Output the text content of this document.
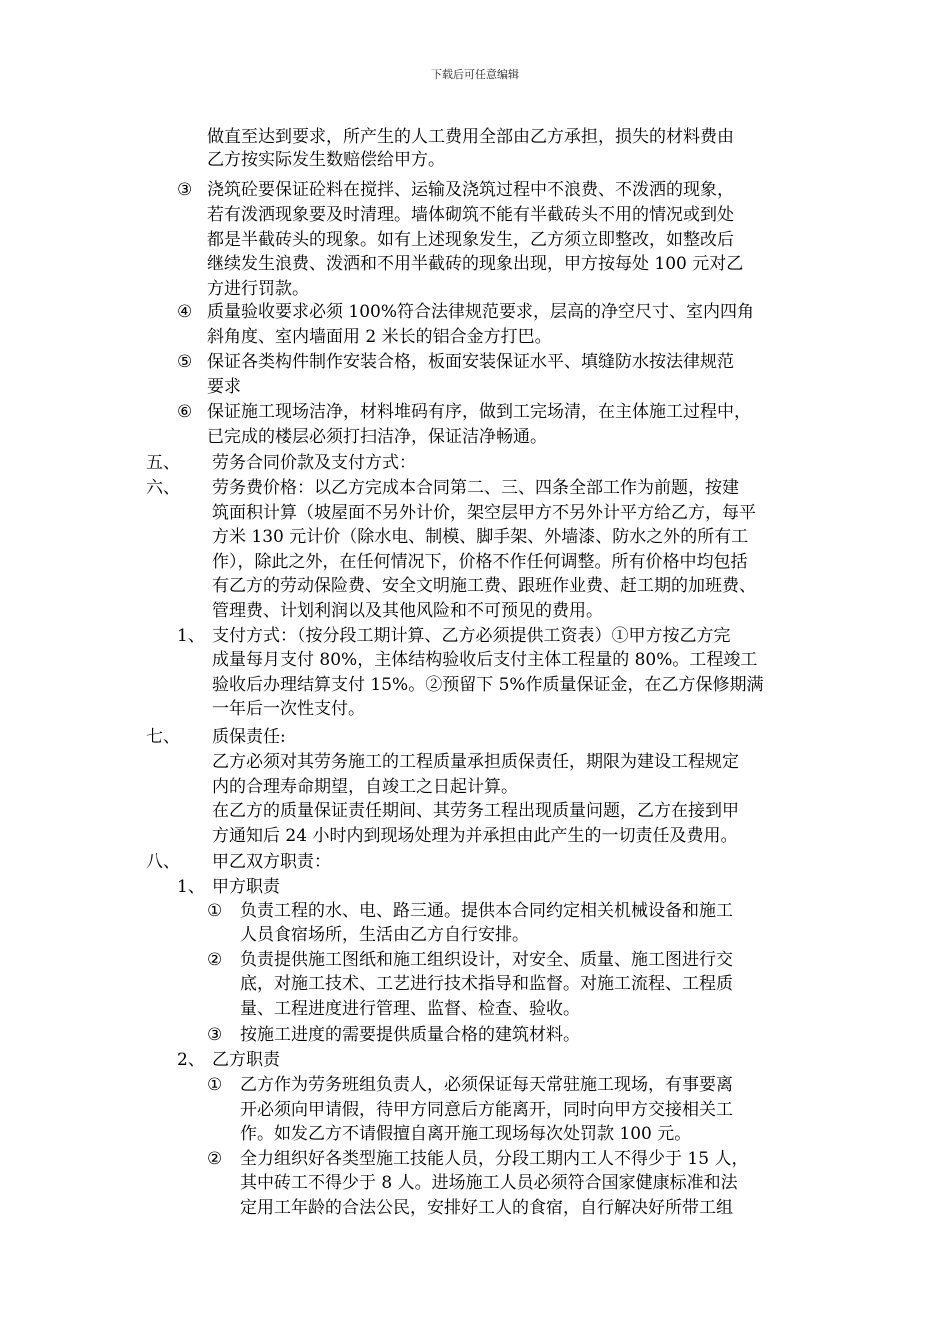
下载后可任意编辑
做直至达到要求，所产生的人工费用全部由乙方承担，损失的材料费由
乙方按实际发生数赔偿给甲方。
③ 浇筑砼要保证砼料在搅拌、运输及浇筑过程中不浪费、不泼洒的现象，
若有泼洒现象要及时清理。墙体砌筑不能有半截砖头不用的情况或到处
都是半截砖头的现象。如有上述现象发生，乙方须立即整改，如整改后
继续发生浪费、泼洒和不用半截砖的现象出现，甲方按每处 100 元对乙
方进行罚款。
④ 质量验收要求必须 100%符合法律规范要求，层高的净空尺寸、室内四角
斜角度、室内墙面用 2 米长的铝合金方打巴。
⑤ 保证各类构件制作安装合格，板面安装保证水平、填缝防水按法律规范
要求
⑥ 保证施工现场洁净，材料堆码有序，做到工完场清，在主体施工过程中，
已完成的楼层必须打扫洁净，保证洁净畅通。
五、 劳务合同价款及支付方式：
六、 劳务费价格：以乙方完成本合同第二、三、四条全部工作为前题，按建
筑面积计算（坡屋面不另外计价，架空层甲方不另外计平方给乙方，每平
方米 130 元计价（除水电、制模、脚手架、外墙漆、防水之外的所有工
作），除此之外，在任何情况下，价格不作任何调整。所有价格中均包括
有乙方的劳动保险费、安全文明施工费、跟班作业费、赶工期的加班费、
管理费、计划利润以及其他风险和不可预见的费用。
1、 支付方式：（按分段工期计算、乙方必须提供工资表）①甲方按乙方完
成量每月支付 80%，主体结构验收后支付主体工程量的 80%。工程竣工
验收后办理结算支付 15%。②预留下 5%作质量保证金，在乙方保修期满
一年后一次性支付。
七、 质保责任:
乙方必须对其劳务施工的工程质量承担质保责任，期限为建设工程规定
内的合理寿命期望，自竣工之日起计算。
在乙方的质量保证责任期间、其劳务工程出现质量问题，乙方在接到甲
方通知后 24 小时内到现场处理为并承担由此产生的一切责任及费用。
八、 甲乙双方职责：
1、 甲方职责
① 负责工程的水、电、路三通。提供本合同约定相关机械设备和施工
人员食宿场所，生活由乙方自行安排。
② 负责提供施工图纸和施工组织设计，对安全、质量、施工图进行交
底，对施工技术、工艺进行技术指导和监督。对施工流程、工程质
量、工程进度进行管理、监督、检查、验收。
③ 按施工进度的需要提供质量合格的建筑材料。
2、 乙方职责
① 乙方作为劳务班组负责人，必须保证每天常驻施工现场，有事要离
开必须向甲请假，待甲方同意后方能离开，同时向甲方交接相关工
作。如发乙方不请假擅自离开施工现场每次处罚款 100 元。
② 全力组织好各类型施工技能人员，分段工期内工人不得少于 15 人，
其中砖工不得少于 8 人。进场施工人员必须符合国家健康标准和法
定用工年龄的合法公民，安排好工人的食宿，自行解决好所带工组
